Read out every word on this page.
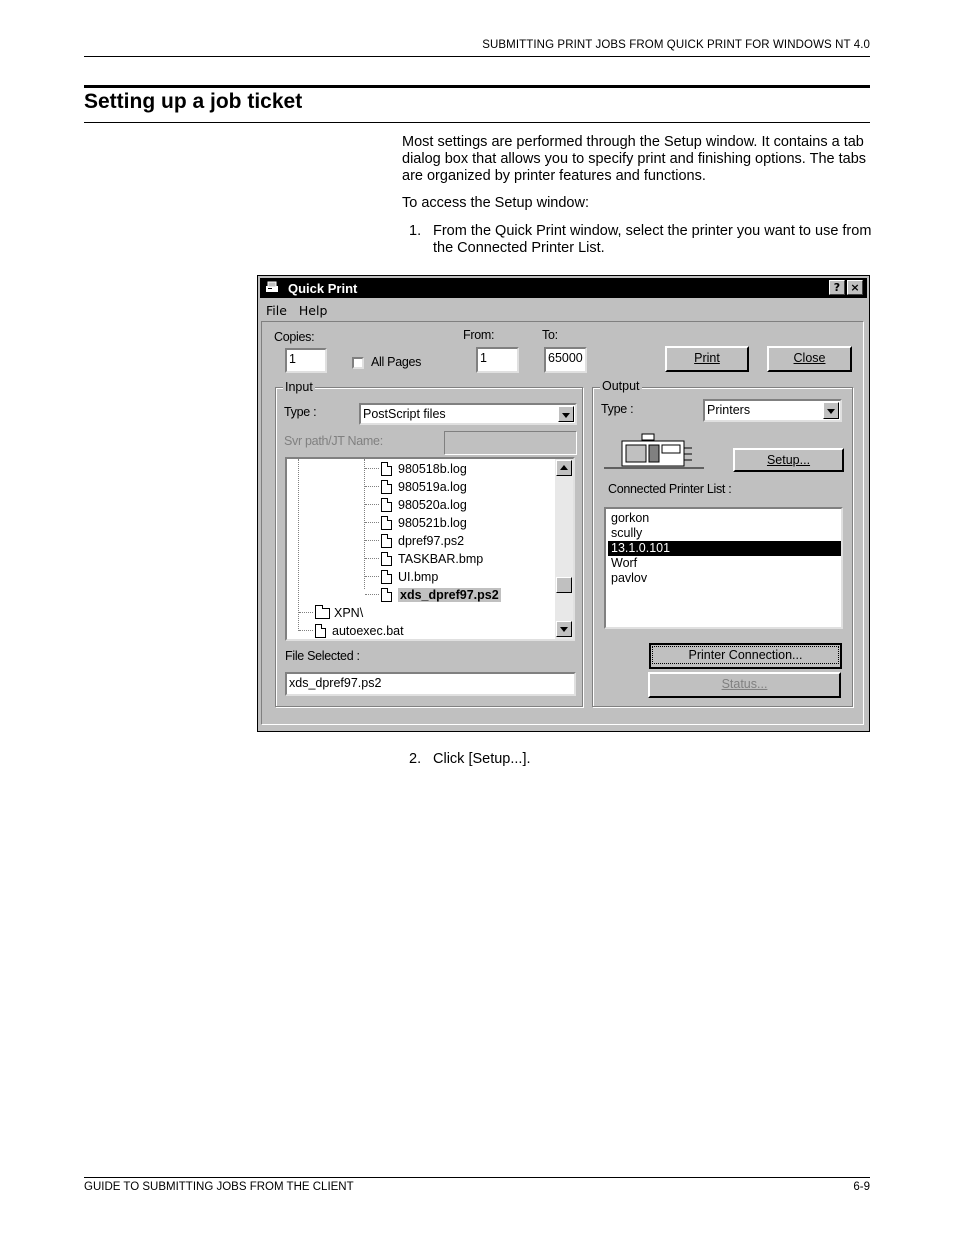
SUBMITTING PRINT JOBS FROM QUICK PRINT FOR WINDOWS NT 4.0
Setting up a job ticket
Most settings are performed through the Setup window. It contains a tab dialog box that allows you to specify print and finishing options. The tabs are organized by printer features and functions.
To access the Setup window:
1. From the Quick Print window, select the printer you want to use from the Connected Printer List.
Quick Print	? ×
File Help
Copies:
1	All Pages
From:
1
To:
65000	Print	Close
Input
Type :	PostScript files
Svr path/JT Name:
980518b.log
980519a.log
980520a.log
980521b.log
dpref97.ps2
TASKBAR.bmp
UI.bmp
xds_dpref97.ps2
XPN\
autoexec.bat
File Selected :
xds_dpref97.ps2
Output
Type :	Printers
Setup...
Connected Printer List :
gorkon
scully
13.1.0.101
Worf
pavlov
Printer Connection...
Status...
2. Click [Setup...].
GUIDE TO SUBMITTING JOBS FROM THE CLIENT	6-9
